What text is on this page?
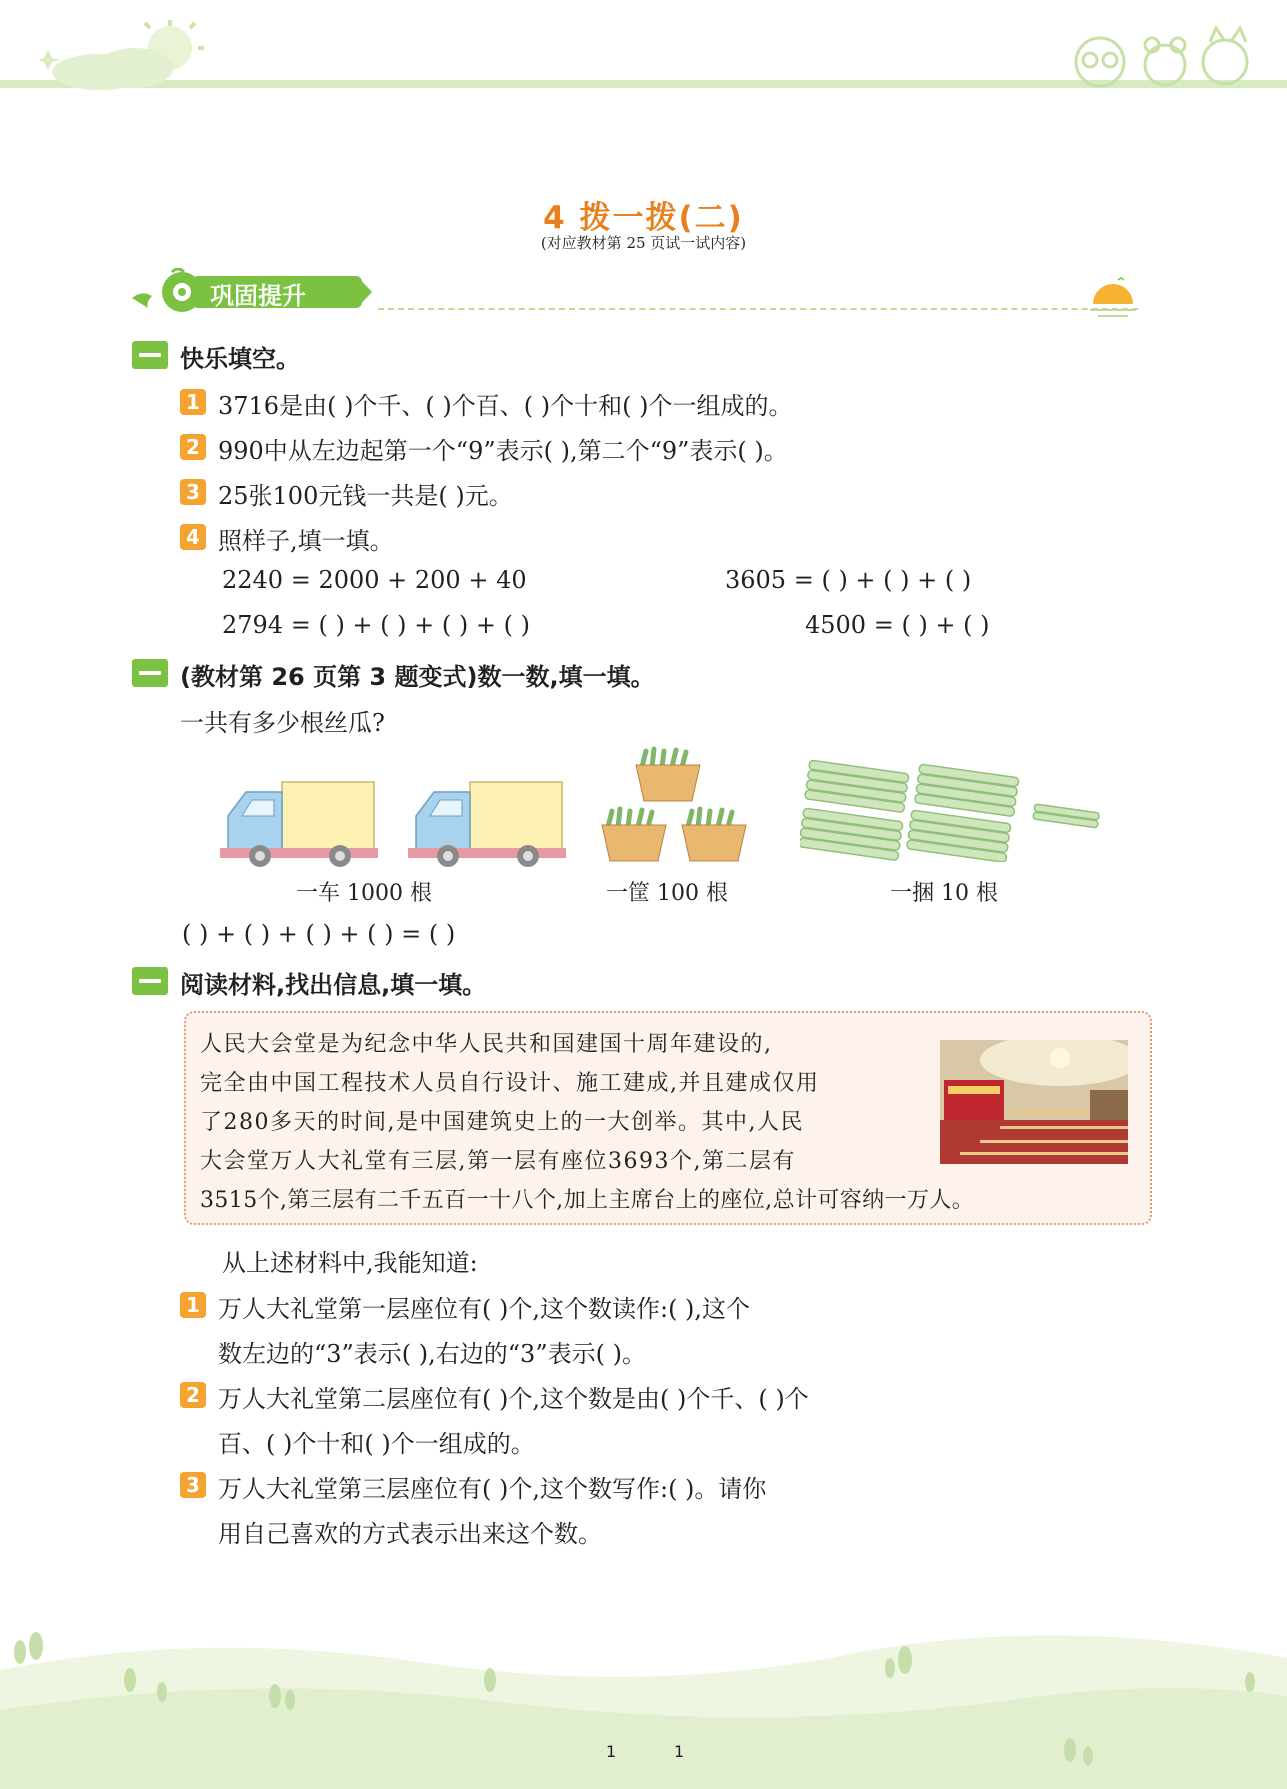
4 拨一拨(二)
(对应教材第 25 页试一试内容)
巩固提升
快乐填空。
1 3716是由( )个千、( )个百、( )个十和( )个一组成的。
2 990中从左边起第一个“9”表示( ),第二个“9”表示( )。
3 25张100元钱一共是( )元。
4 照样子,填一填。
2240 = 2000 + 200 + 40	3605 = ( ) + ( ) + ( )
2794 = ( ) + ( ) + ( ) + ( )	4500 = ( ) + ( )
(教材第 26 页第 3 题变式)数一数,填一填。
一共有多少根丝瓜?
一车 1000 根	一筐 100 根	一捆 10 根
( ) + ( ) + ( ) + ( ) = ( )
阅读材料,找出信息,填一填。
人民大会堂是为纪念中华人民共和国建国十周年建设的,
完全由中国工程技术人员自行设计、施工建成,并且建成仅用
了280多天的时间,是中国建筑史上的一大创举。其中,人民
大会堂万人大礼堂有三层,第一层有座位3693个,第二层有
3515个,第三层有二千五百一十八个,加上主席台上的座位,总计可容纳一万人。
从上述材料中,我能知道:
1 万人大礼堂第一层座位有( )个,这个数读作:( ),这个
数左边的“3”表示( ),右边的“3”表示( )。
2 万人大礼堂第二层座位有( )个,这个数是由( )个千、( )个
百、( )个十和( )个一组成的。
3 万人大礼堂第三层座位有( )个,这个数写作:( )。请你
用自己喜欢的方式表示出来这个数。
1	1
